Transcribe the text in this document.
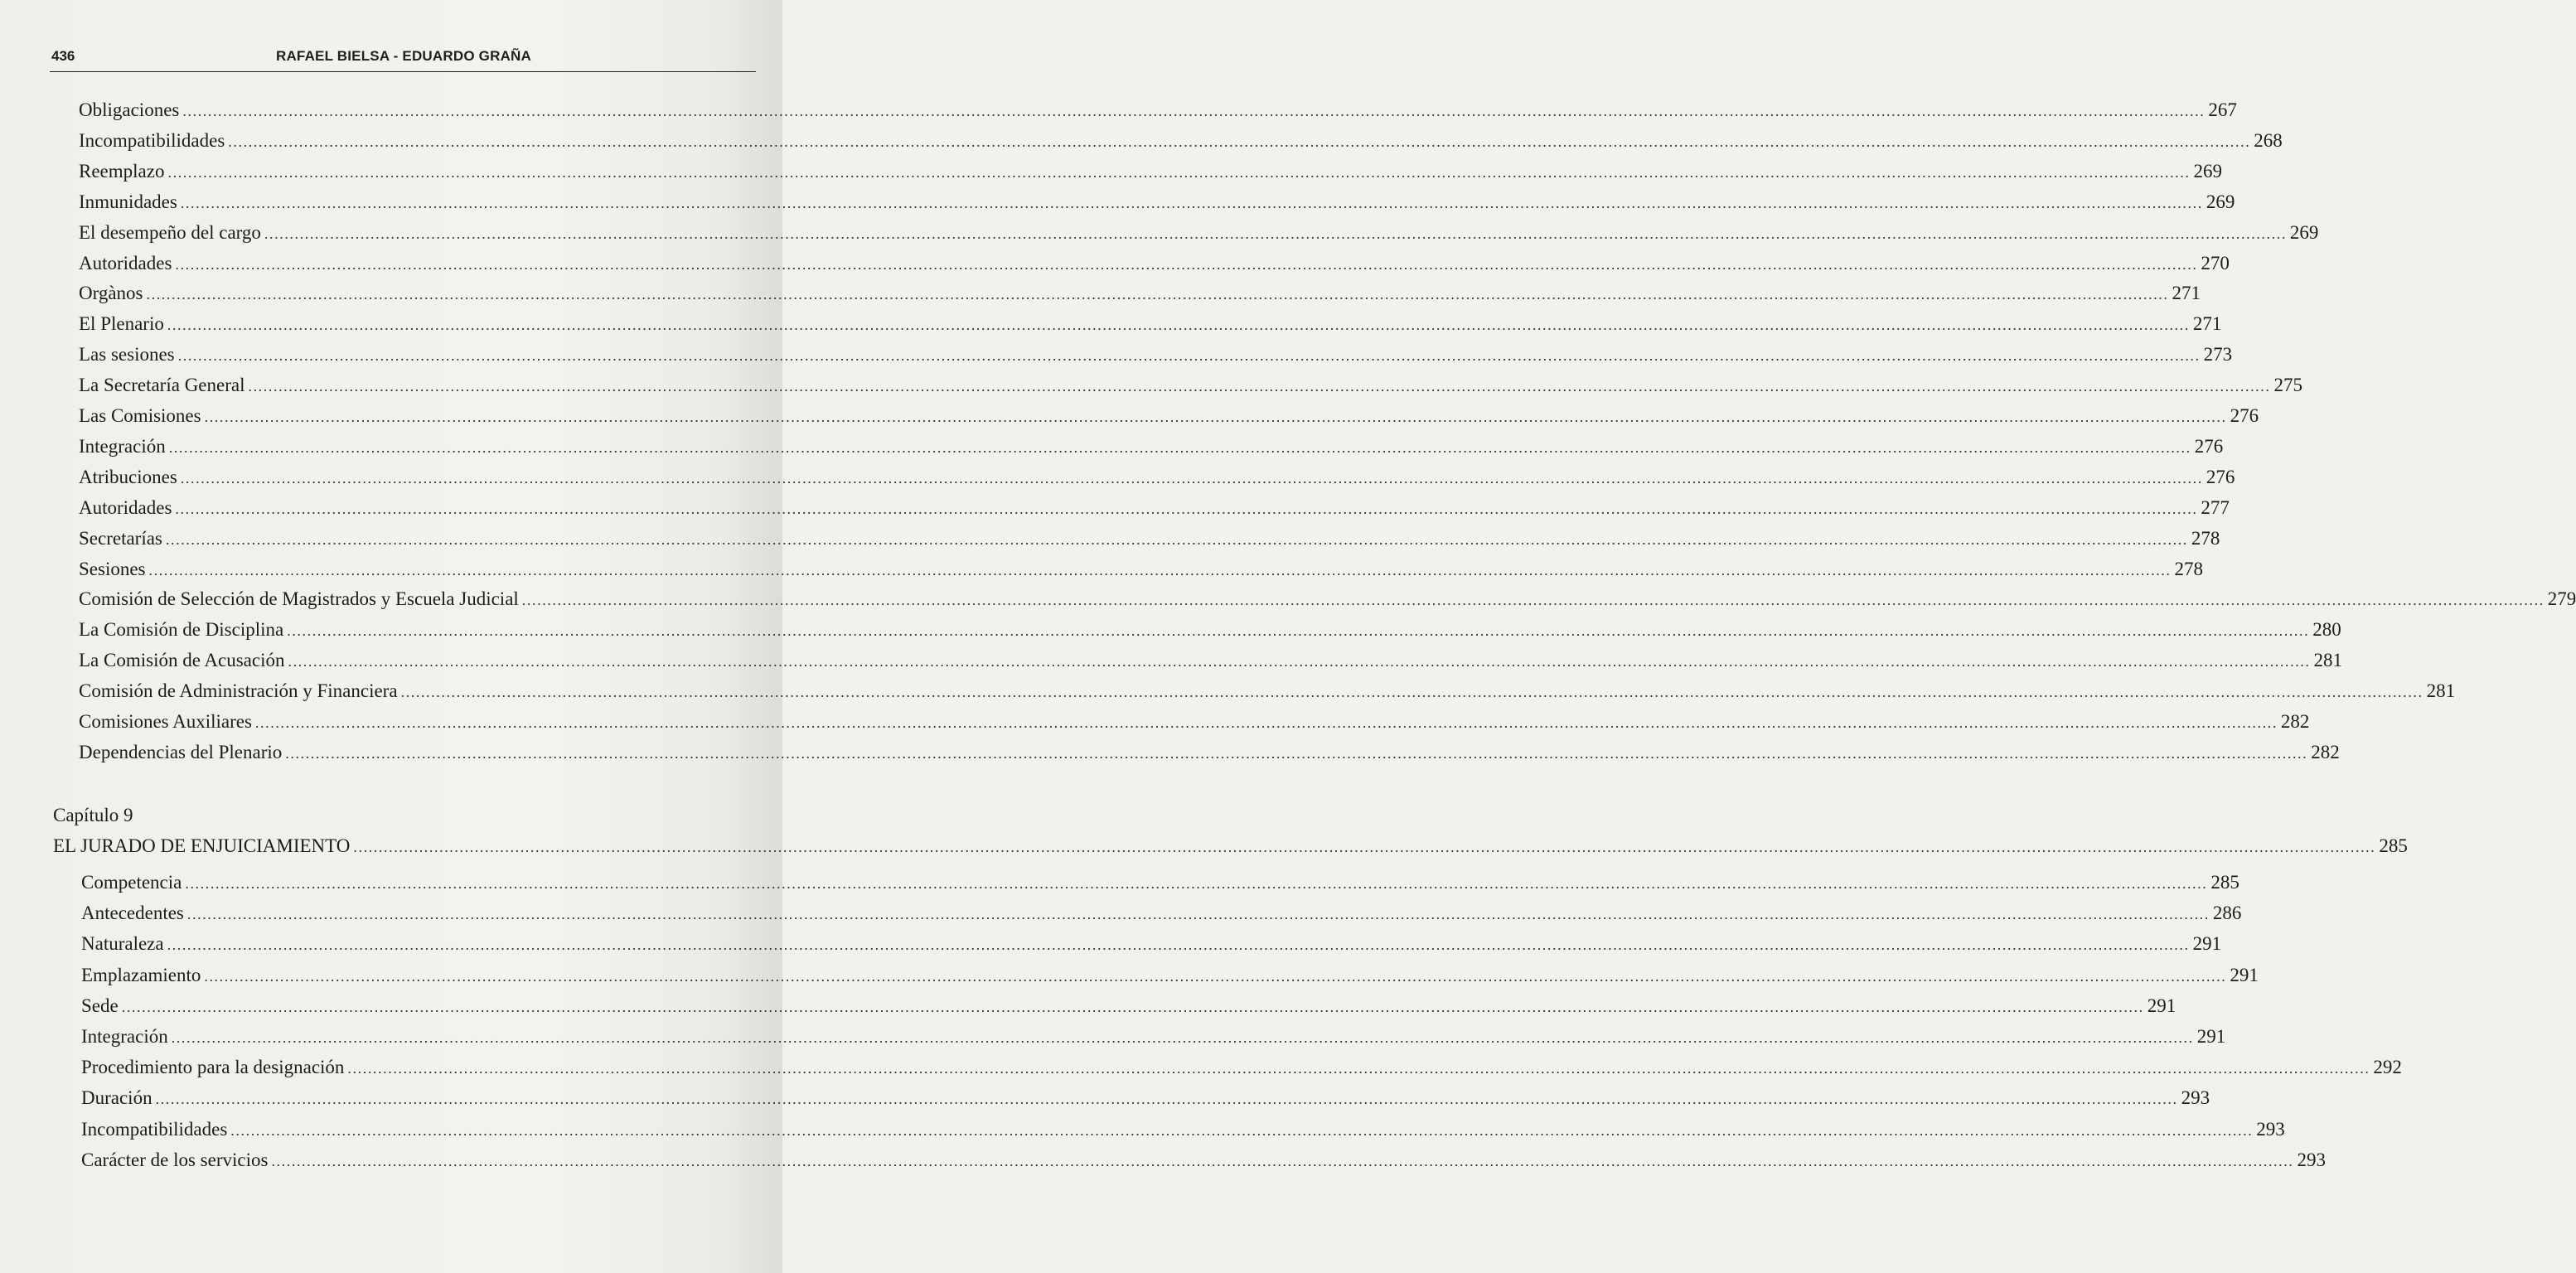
436	RAFAEL BIELSA - EDUARDO GRAÑA
Obligaciones ................................................................................................................................................................................................................................................................................................................................................................................................................ 267
Incompatibilidades ................................................................................................................................................................................................................................................................................................................................................................................................................ 268
Reemplazo ................................................................................................................................................................................................................................................................................................................................................................................................................ 269
Inmunidades ................................................................................................................................................................................................................................................................................................................................................................................................................ 269
El desempeño del cargo ................................................................................................................................................................................................................................................................................................................................................................................................................ 269
Autoridades ................................................................................................................................................................................................................................................................................................................................................................................................................ 270
Orgànos ................................................................................................................................................................................................................................................................................................................................................................................................................ 271
El Plenario ................................................................................................................................................................................................................................................................................................................................................................................................................ 271
Las sesiones ................................................................................................................................................................................................................................................................................................................................................................................................................ 273
La Secretaría General ................................................................................................................................................................................................................................................................................................................................................................................................................ 275
Las Comisiones ................................................................................................................................................................................................................................................................................................................................................................................................................ 276
Integración ................................................................................................................................................................................................................................................................................................................................................................................................................ 276
Atribuciones ................................................................................................................................................................................................................................................................................................................................................................................................................ 276
Autoridades ................................................................................................................................................................................................................................................................................................................................................................................................................ 277
Secretarías ................................................................................................................................................................................................................................................................................................................................................................................................................ 278
Sesiones ................................................................................................................................................................................................................................................................................................................................................................................................................ 278
Comisión de Selección de Magistrados y Escuela Judicial ................................................................................................................................................................................................................................................................................................................................................................................................................ 279
La Comisión de Disciplina ................................................................................................................................................................................................................................................................................................................................................................................................................ 280
La Comisión de Acusación ................................................................................................................................................................................................................................................................................................................................................................................................................ 281
Comisión de Administración y Financiera ................................................................................................................................................................................................................................................................................................................................................................................................................ 281
Comisiones Auxiliares ................................................................................................................................................................................................................................................................................................................................................................................................................ 282
Dependencias del Plenario ................................................................................................................................................................................................................................................................................................................................................................................................................ 282
EL JURADO DE ENJUICIAMIENTO ................................................................................................................................................................................................................................................................................................................................................................................................................ 285
Competencia ................................................................................................................................................................................................................................................................................................................................................................................................................ 285
Antecedentes ................................................................................................................................................................................................................................................................................................................................................................................................................ 286
Naturaleza ................................................................................................................................................................................................................................................................................................................................................................................................................ 291
Emplazamiento ................................................................................................................................................................................................................................................................................................................................................................................................................ 291
Sede ................................................................................................................................................................................................................................................................................................................................................................................................................ 291
Integración ................................................................................................................................................................................................................................................................................................................................................................................................................ 291
Procedimiento para la designación ................................................................................................................................................................................................................................................................................................................................................................................................................ 292
Duración ................................................................................................................................................................................................................................................................................................................................................................................................................ 293
Incompatibilidades ................................................................................................................................................................................................................................................................................................................................................................................................................ 293
Carácter de los servicios ................................................................................................................................................................................................................................................................................................................................................................................................................ 293
Capítulo 9
